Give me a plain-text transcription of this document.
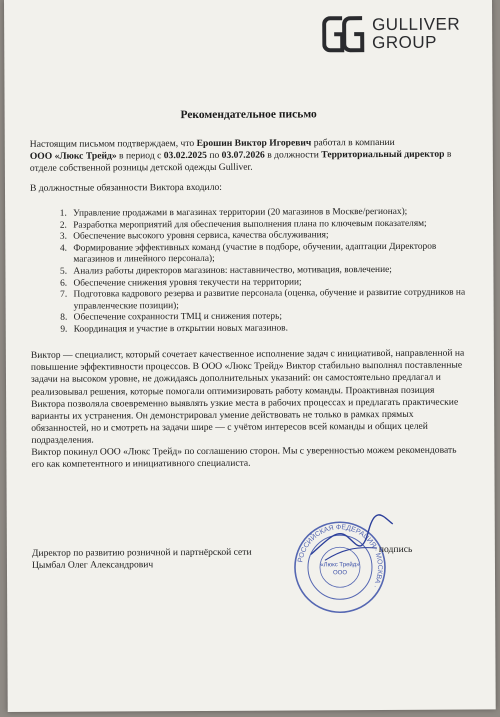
GULLIVER
GROUP
Рекомендательное письмо
Настоящим письмом подтверждаем, что Ерошин Виктор Игоревич работал в компании
ООО «Люкс Трейд» в период с 03.02.2025 по 03.07.2026 в должности Территориальный директор в отделе собственной розницы детской одежды Gulliver.
В должностные обязанности Виктора входило:
1. Управление продажами в магазинах территории (20 магазинов в Москве/регионах);
2. Разработка мероприятий для обеспечения выполнения плана по ключевым показателям;
3. Обеспечение высокого уровня сервиса, качества обслуживания;
4. Формирование эффективных команд (участие в подборе, обучении, адаптации Директоров магазинов и линейного персонала);
5. Анализ работы директоров магазинов: наставничество, мотивация, вовлечение;
6. Обеспечение снижения уровня текучести на территории;
7. Подготовка кадрового резерва и развитие персонала (оценка, обучение и развитие сотрудников на управленческие позиции);
8. Обеспечение сохранности ТМЦ и снижения потерь;
9. Координация и участие в открытии новых магазинов.
Виктор — специалист, который сочетает качественное исполнение задач с инициативой, направленной на повышение эффективности процессов. В ООО «Люкс Трейд» Виктор стабильно выполнял поставленные задачи на высоком уровне, не дожидаясь дополнительных указаний: он самостоятельно предлагал и реализовывал решения, которые помогали оптимизировать работу команды. Проактивная позиция Виктора позволяла своевременно выявлять узкие места в рабочих процессах и предлагать практические варианты их устранения. Он демонстрировал умение действовать не только в рамках прямых обязанностей, но и смотреть на задачи шире — с учётом интересов всей команды и общих целей подразделения.
Виктор покинул ООО «Люкс Трейд» по соглашению сторон. Мы с уверенностью можем рекомендовать его как компетентного и инициативного специалиста.
Директор по развитию розничной и партнёрской сети
Цымбал Олег Александрович	РОССИЙСКАЯ ФЕДЕРАЦИЯ · МОСКВА ·
«Люкс Трейд»
ООО
подпись
